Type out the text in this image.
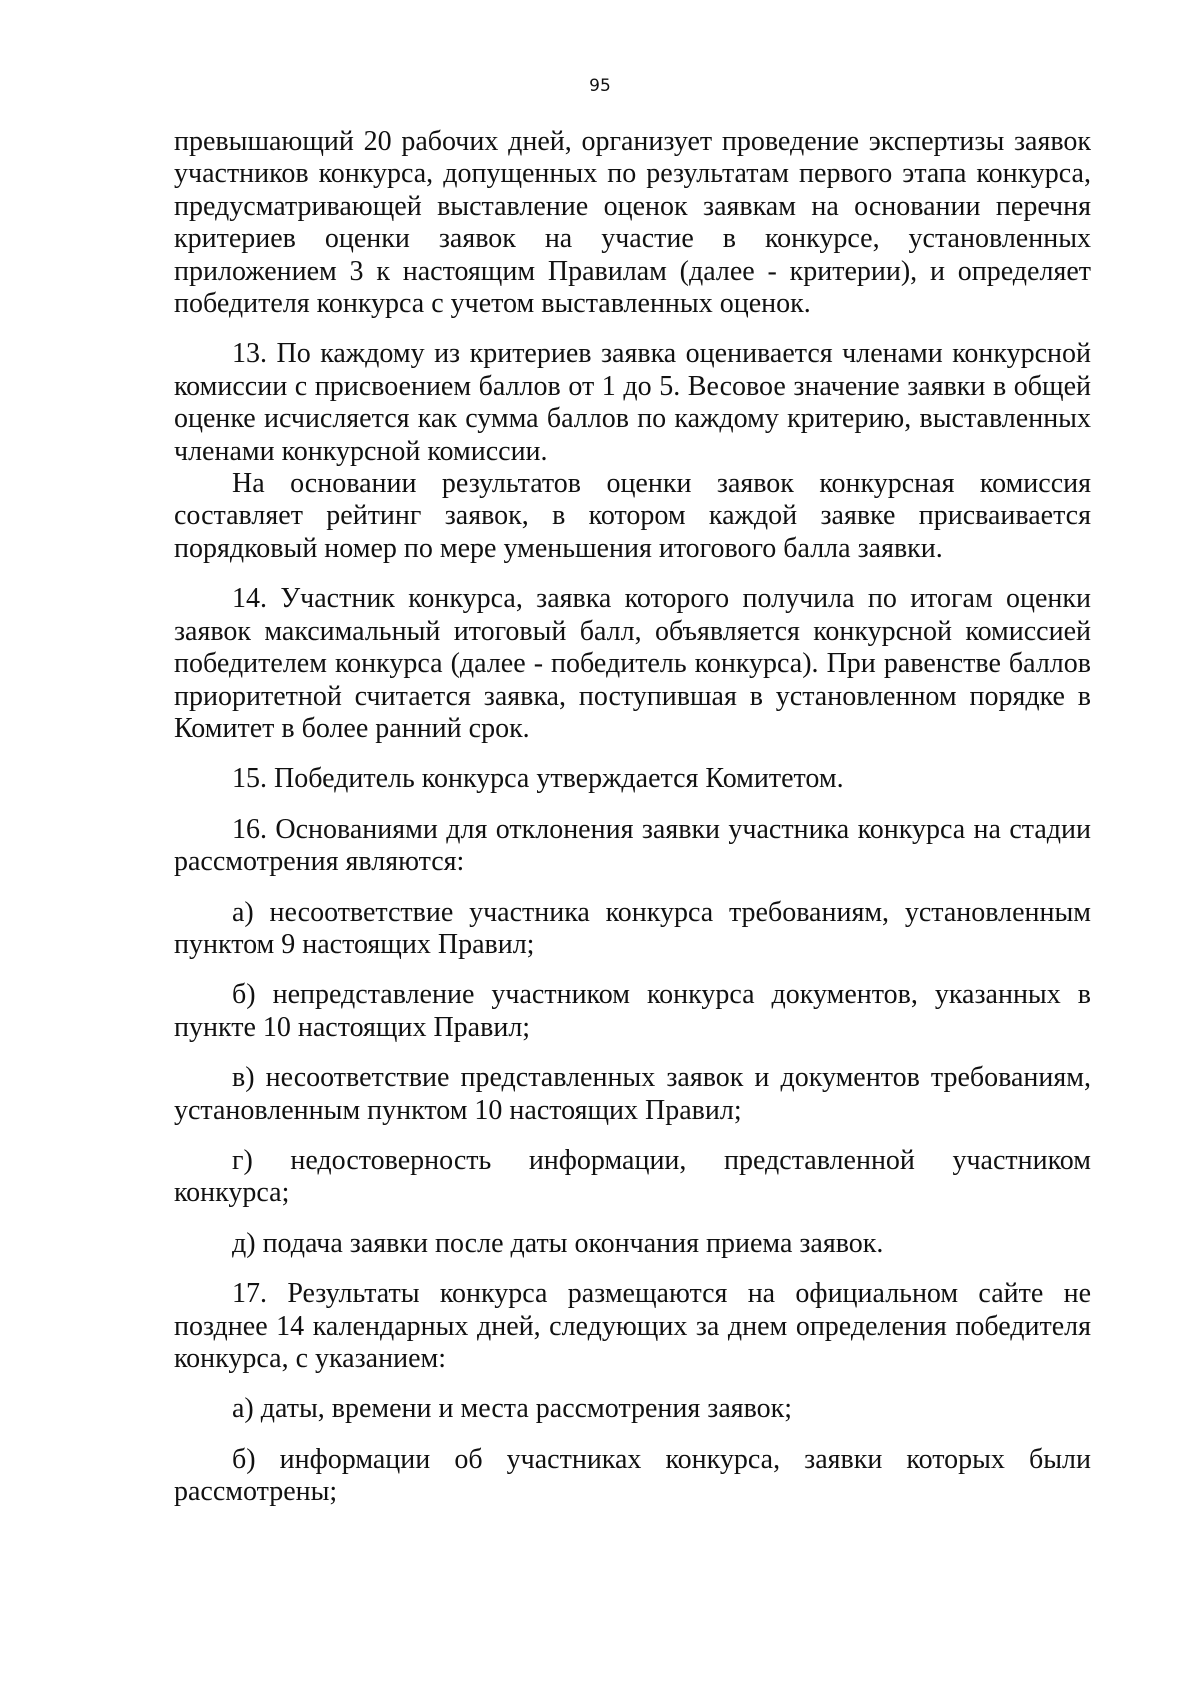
95

превышающий 20 рабочих дней, организует проведение экспертизы заявок участников конкурса, допущенных по результатам первого этапа конкурса, предусматривающей выставление оценок заявкам на основании перечня критериев оценки заявок на участие в конкурсе, установленных приложением 3 к настоящим Правилам (далее - критерии), и определяет победителя конкурса с учетом выставленных оценок.

13. По каждому из критериев заявка оценивается членами конкурсной комиссии с присвоением баллов от 1 до 5. Весовое значение заявки в общей оценке исчисляется как сумма баллов по каждому критерию, выставленных членами конкурсной комиссии.

На основании результатов оценки заявок конкурсная комиссия составляет рейтинг заявок, в котором каждой заявке присваивается порядковый номер по мере уменьшения итогового балла заявки.

14. Участник конкурса, заявка которого получила по итогам оценки заявок максимальный итоговый балл, объявляется конкурсной комиссией победителем конкурса (далее - победитель конкурса). При равенстве баллов приоритетной считается заявка, поступившая в установленном порядке в Комитет в более ранний срок.

15. Победитель конкурса утверждается Комитетом.

16. Основаниями для отклонения заявки участника конкурса на стадии рассмотрения являются:

а) несоответствие участника конкурса требованиям, установленным пунктом 9 настоящих Правил;

б) непредставление участником конкурса документов, указанных в пункте 10 настоящих Правил;

в) несоответствие представленных заявок и документов требованиям, установленным пунктом 10 настоящих Правил;

г) недостоверность информации, представленной участником конкурса;

д) подача заявки после даты окончания приема заявок.

17. Результаты конкурса размещаются на официальном сайте не позднее 14 календарных дней, следующих за днем определения победителя конкурса, с указанием:

а) даты, времени и места рассмотрения заявок;

б) информации об участниках конкурса, заявки которых были рассмотрены;
